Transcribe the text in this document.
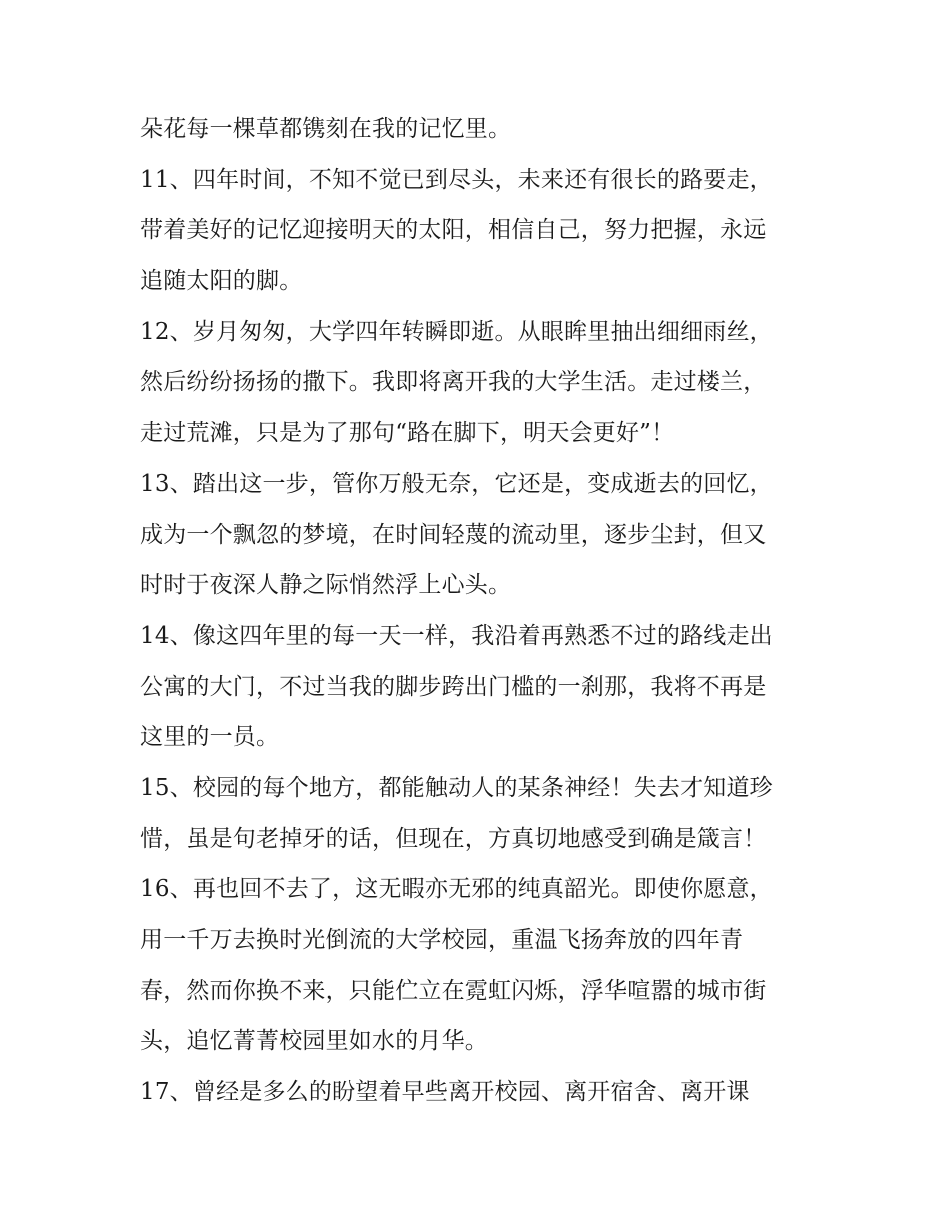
朵花每一棵草都镌刻在我的记忆里。
11、四年时间，不知不觉已到尽头，未来还有很长的路要走，
带着美好的记忆迎接明天的太阳，相信自己，努力把握，永远
追随太阳的脚。
12、岁月匆匆，大学四年转瞬即逝。从眼眸里抽出细细雨丝，
然后纷纷扬扬的撒下。我即将离开我的大学生活。走过楼兰，
走过荒滩，只是为了那句“路在脚下，明天会更好”！
13、踏出这一步，管你万般无奈，它还是，变成逝去的回忆，
成为一个飘忽的梦境，在时间轻蔑的流动里，逐步尘封，但又
时时于夜深人静之际悄然浮上心头。
14、像这四年里的每一天一样，我沿着再熟悉不过的路线走出
公寓的大门，不过当我的脚步跨出门槛的一刹那，我将不再是
这里的一员。
15、校园的每个地方，都能触动人的某条神经！失去才知道珍
惜，虽是句老掉牙的话，但现在，方真切地感受到确是箴言！
16、再也回不去了，这无暇亦无邪的纯真韶光。即使你愿意，
用一千万去换时光倒流的大学校园，重温飞扬奔放的四年青
春，然而你换不来，只能伫立在霓虹闪烁，浮华喧嚣的城市街
头，追忆菁菁校园里如水的月华。
17、曾经是多么的盼望着早些离开校园、离开宿舍、离开课
